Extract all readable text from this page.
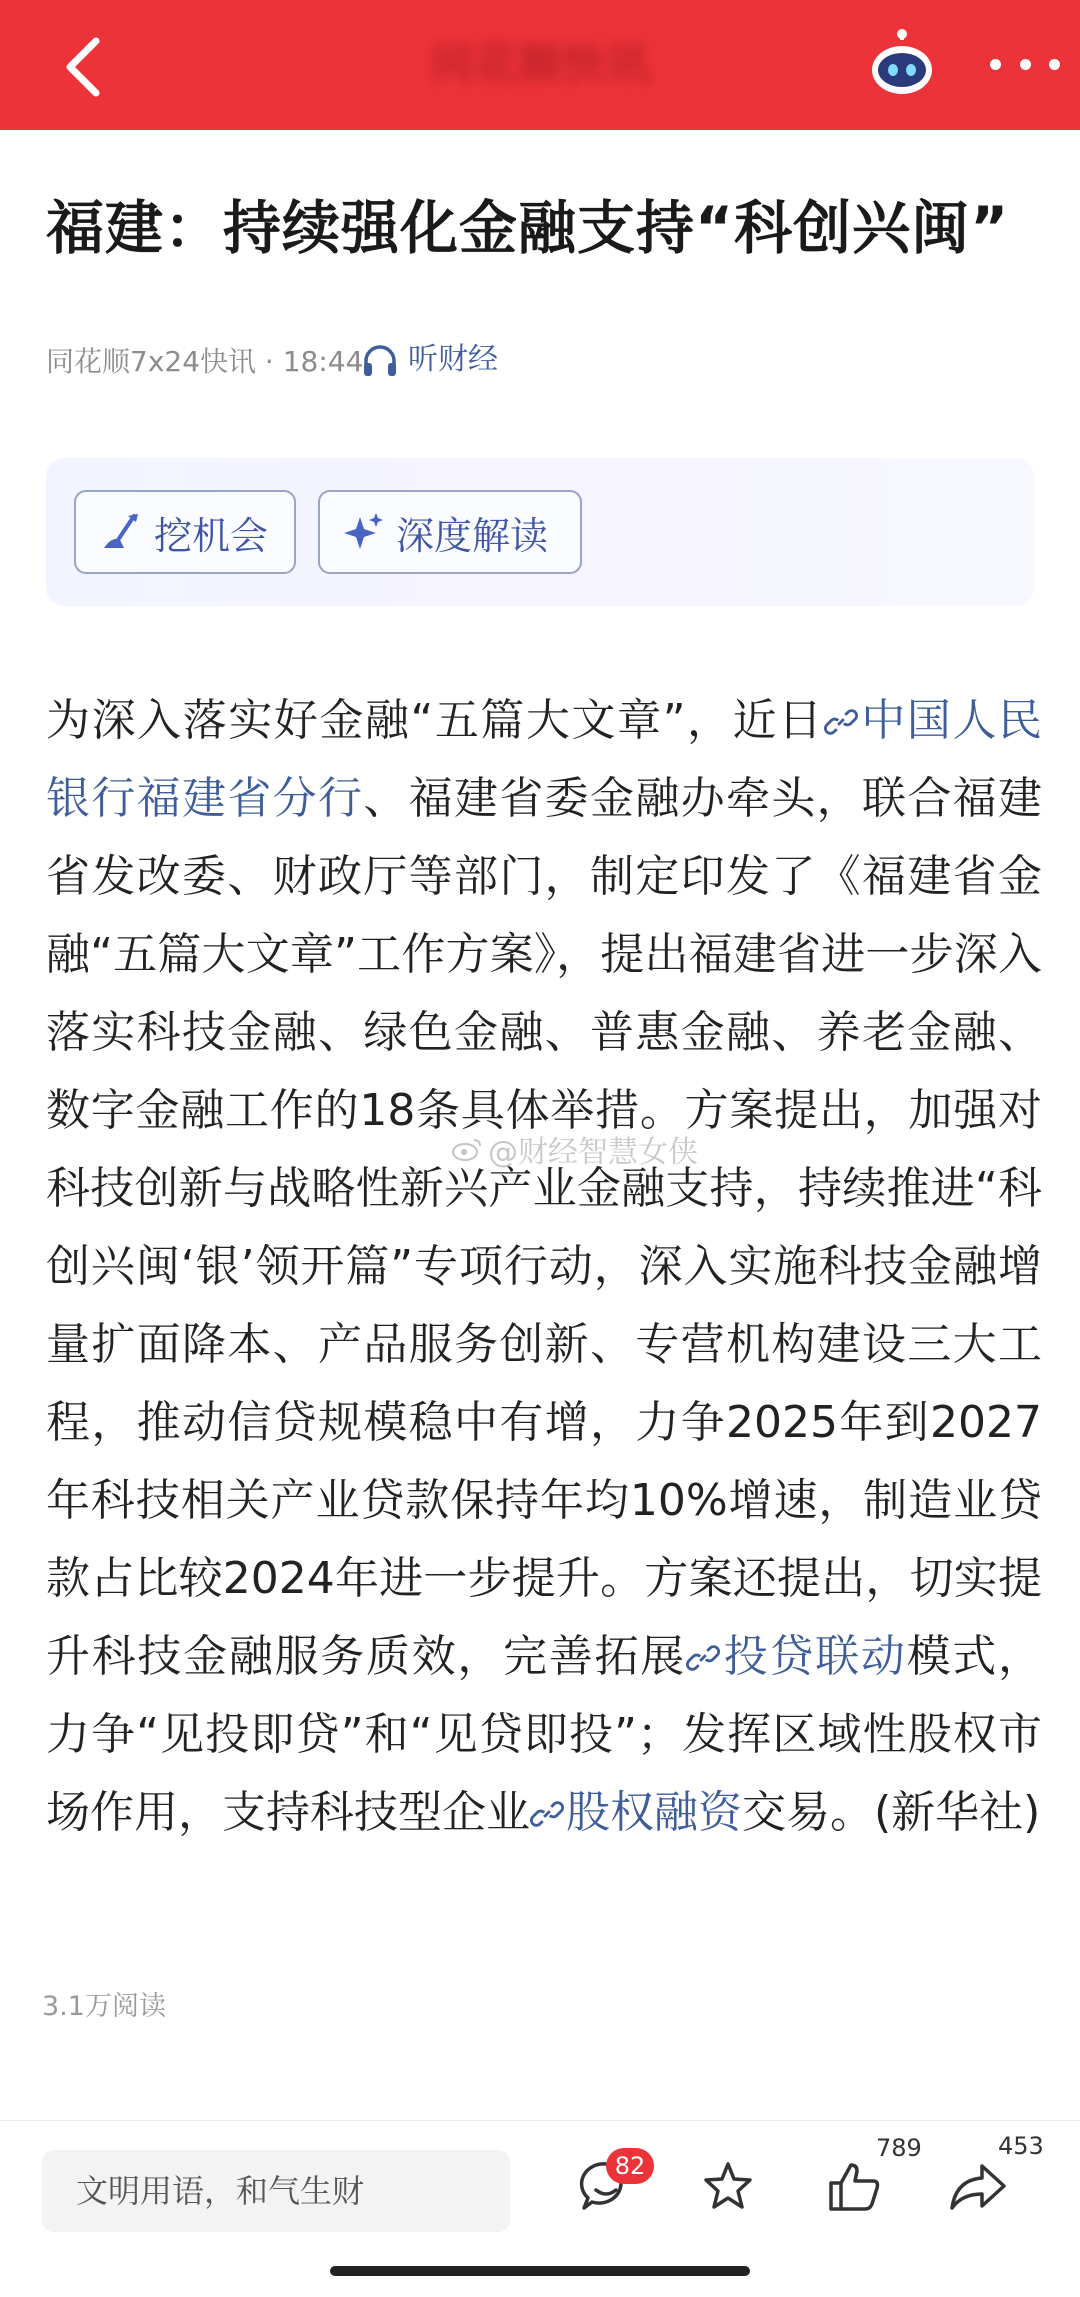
同花顺快讯
福建：持续强化金融支持“科创兴闽”
同花顺7x24快讯 · 18:44 听财经
挖机会	深度解读
为深入落实好金融“五篇大文章”，近日 中国人民银行福建省分行、福建省委金融办牵头，联合福建省发改委、财政厅等部门，制定印发了《福建省金融“五篇大文章”工作方案》，提出福建省进一步深入落实科技金融、绿色金融、普惠金融、养老金融、数字金融工作的18条具体举措。方案提出，加强对科技创新与战略性新兴产业金融支持，持续推进“科创兴闽‘银’领开篇”专项行动，深入实施科技金融增量扩面降本、产品服务创新、专营机构建设三大工程，推动信贷规模稳中有增，力争2025年到2027年科技相关产业贷款保持年均10%增速，制造业贷款占比较2024年进一步提升。方案还提出，切实提升科技金融服务质效，完善拓展 投贷联动模式，力争“见投即贷”和“见贷即投”；发挥区域性股权市场作用，支持科技型企业 股权融资交易。(新华社)
@财经智慧女侠
3.1万阅读
文明用语，和气生财
82
789	453
